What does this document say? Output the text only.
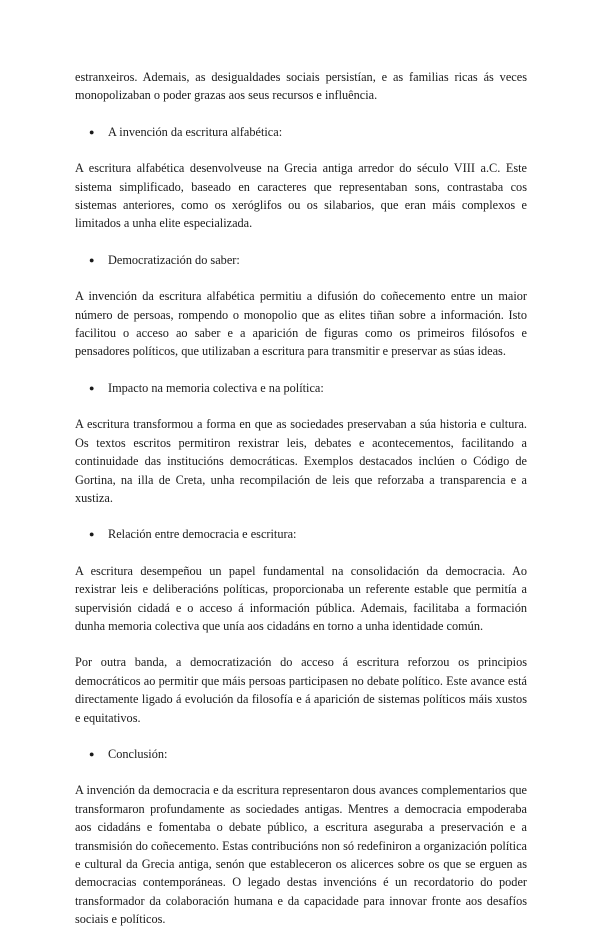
estranxeiros. Ademais, as desigualdades sociais persistían, e as familias ricas ás veces monopolizaban o poder grazas aos seus recursos e influência.

● A invención da escritura alfabética:

A escritura alfabética desenvolveuse na Grecia antiga arredor do século VIII a.C. Este sistema simplificado, baseado en caracteres que representaban sons, contrastaba cos sistemas anteriores, como os xeróglifos ou os silabarios, que eran máis complexos e limitados a unha elite especializada.

● Democratización do saber:

A invención da escritura alfabética permitiu a difusión do coñecemento entre un maior número de persoas, rompendo o monopolio que as elites tiñan sobre a información. Isto facilitou o acceso ao saber e a aparición de figuras como os primeiros filósofos e pensadores políticos, que utilizaban a escritura para transmitir e preservar as súas ideas.

● Impacto na memoria colectiva e na política:

A escritura transformou a forma en que as sociedades preservaban a súa historia e cultura. Os textos escritos permitiron rexistrar leis, debates e acontecementos, facilitando a continuidade das institucións democráticas. Exemplos destacados inclúen o Código de Gortina, na illa de Creta, unha recompilación de leis que reforzaba a transparencia e a xustiza.

● Relación entre democracia e escritura:

A escritura desempeñou un papel fundamental na consolidación da democracia. Ao rexistrar leis e deliberacións políticas, proporcionaba un referente estable que permitía a supervisión cidadá e o acceso á información pública. Ademais, facilitaba a formación dunha memoria colectiva que unía aos cidadáns en torno a unha identidade común.

Por outra banda, a democratización do acceso á escritura reforzou os principios democráticos ao permitir que máis persoas participasen no debate político. Este avance está directamente ligado á evolución da filosofía e á aparición de sistemas políticos máis xustos e equitativos.

● Conclusión:

A invención da democracia e da escritura representaron dous avances complementarios que transformaron profundamente as sociedades antigas. Mentres a democracia empoderaba aos cidadáns e fomentaba o debate público, a escritura aseguraba a preservación e a transmisión do coñecemento. Estas contribucións non só redefiniron a organización política e cultural da Grecia antiga, senón que estableceron os alicerces sobre os que se erguen as democracias contemporáneas. O legado destas invencións é un recordatorio do poder transformador da colaboración humana e da capacidade para innovar fronte aos desafíos sociais e políticos.
